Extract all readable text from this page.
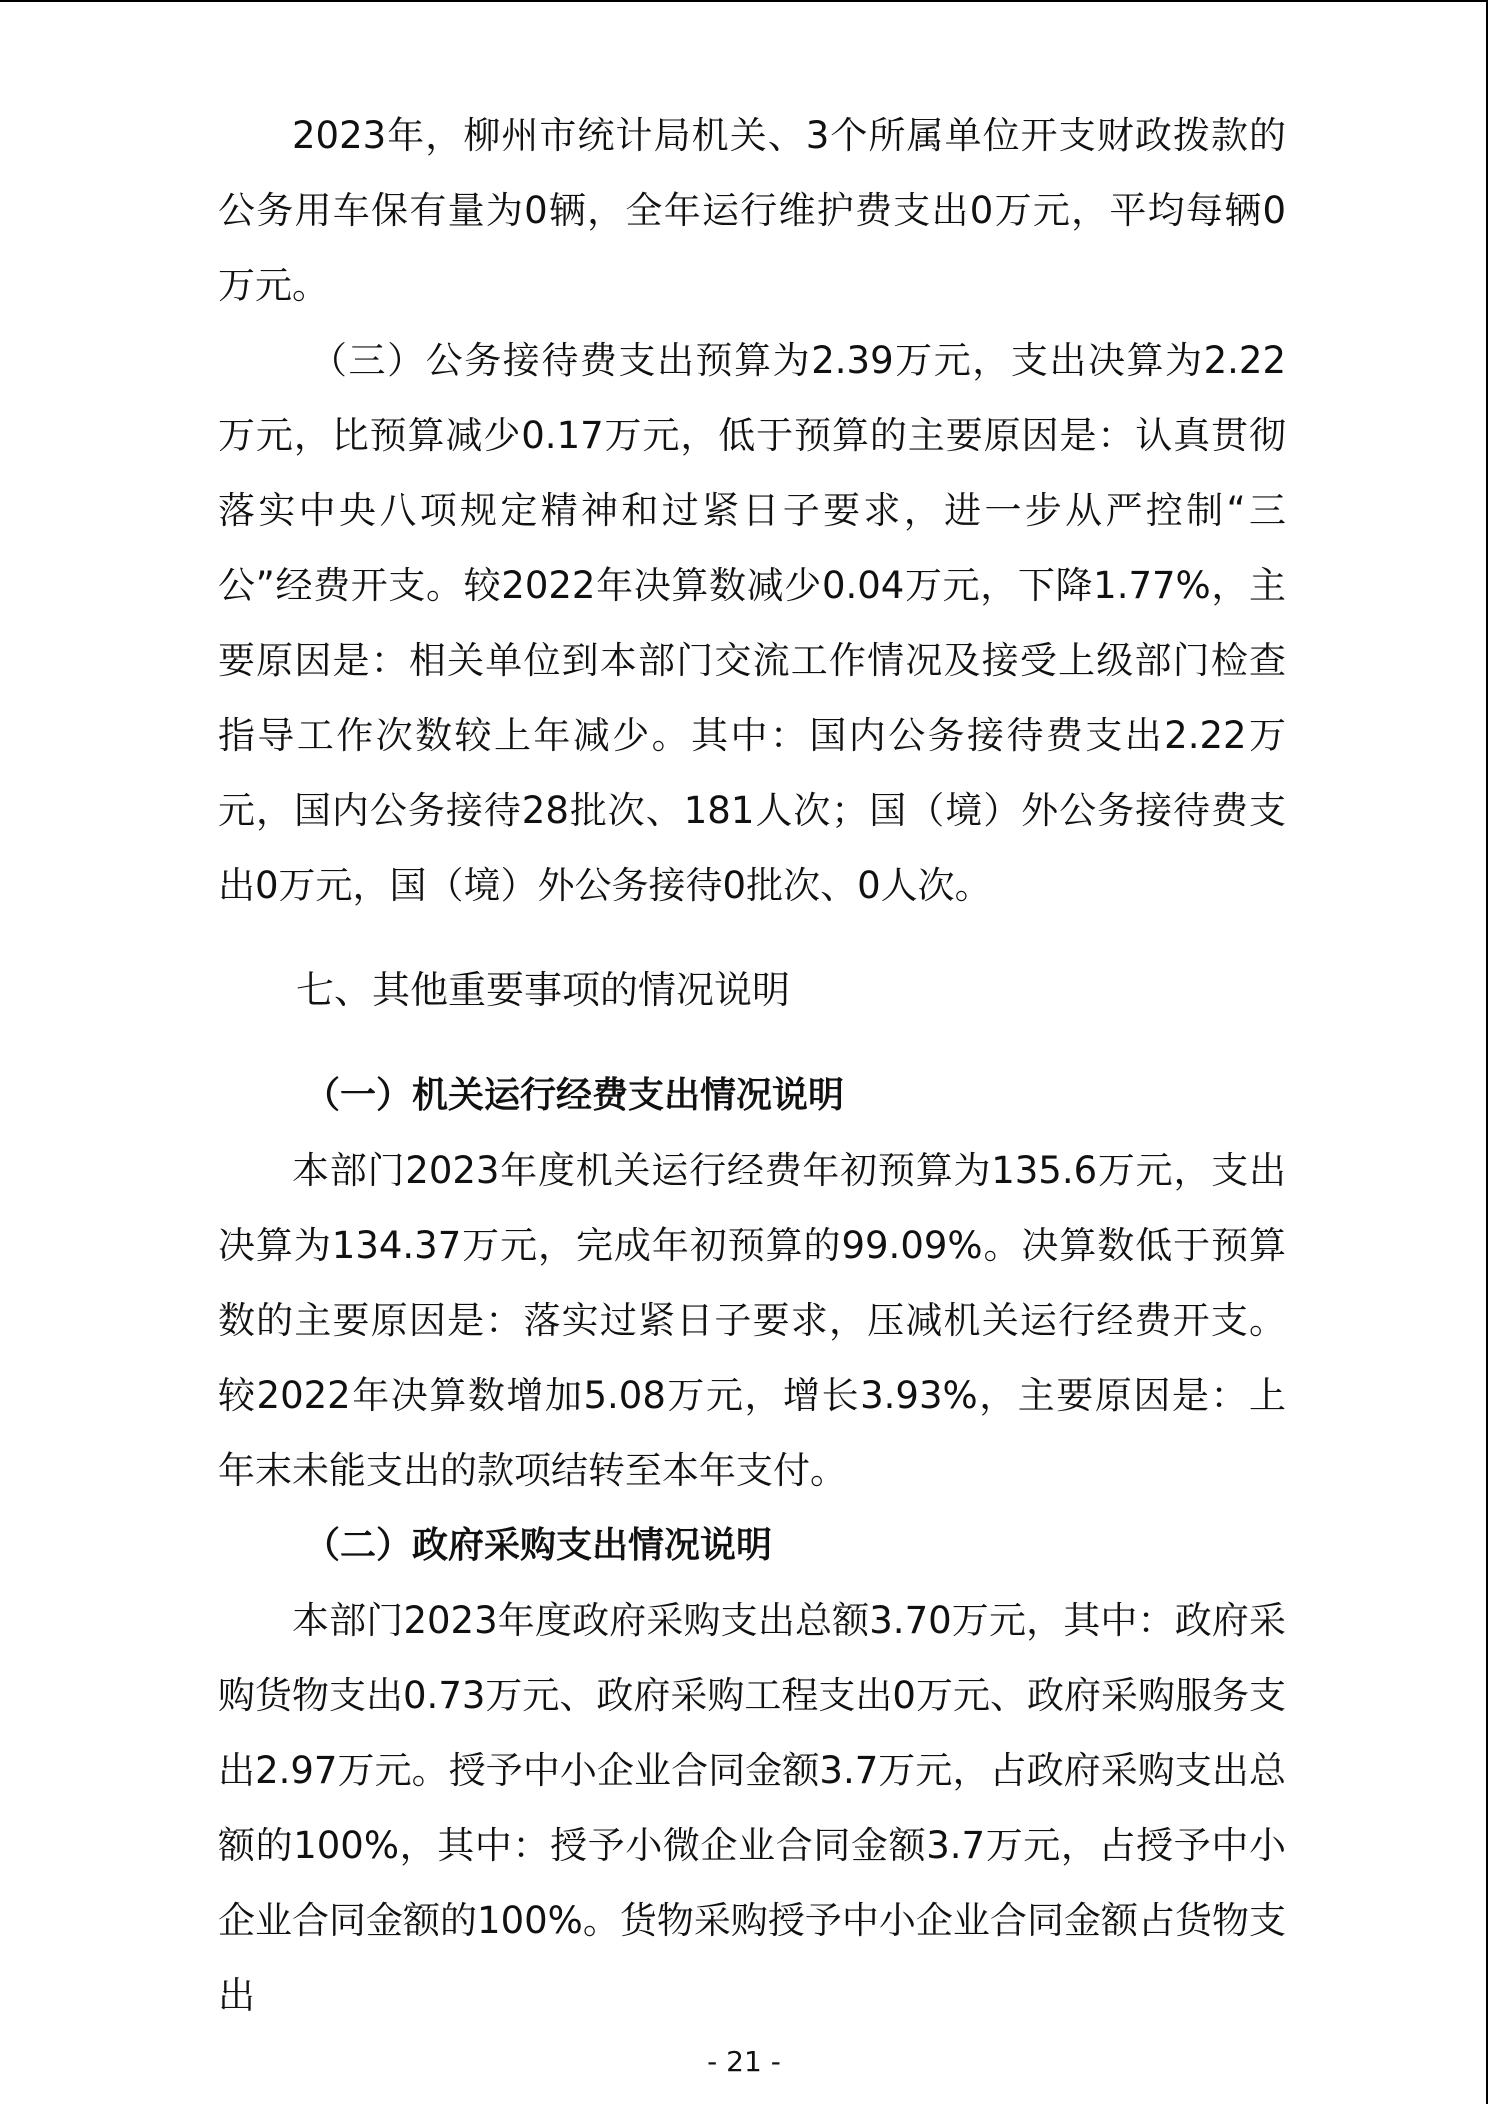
2023年，柳州市统计局机关、3个所属单位开支财政拨款的公务用车保有量为0辆，全年运行维护费支出0万元，平均每辆0万元。

（三）公务接待费支出预算为2.39万元，支出决算为2.22万元，比预算减少0.17万元，低于预算的主要原因是：认真贯彻落实中央八项规定精神和过紧日子要求，进一步从严控制“三公”经费开支。较2022年决算数减少0.04万元，下降1.77%，主要原因是：相关单位到本部门交流工作情况及接受上级部门检查指导工作次数较上年减少。其中：国内公务接待费支出2.22万元，国内公务接待28批次、181人次；国（境）外公务接待费支出0万元，国（境）外公务接待0批次、0人次。

七、其他重要事项的情况说明

（一）机关运行经费支出情况说明

本部门2023年度机关运行经费年初预算为135.6万元，支出决算为134.37万元，完成年初预算的99.09%。决算数低于预算数的主要原因是：落实过紧日子要求，压减机关运行经费开支。较2022年决算数增加5.08万元，增长3.93%，主要原因是：上年末未能支出的款项结转至本年支付。

（二）政府采购支出情况说明

本部门2023年度政府采购支出总额3.70万元，其中：政府采购货物支出0.73万元、政府采购工程支出0万元、政府采购服务支出2.97万元。授予中小企业合同金额3.7万元，占政府采购支出总额的100%，其中：授予小微企业合同金额3.7万元，占授予中小企业合同金额的100%。货物采购授予中小企业合同金额占货物支出

- 21 -
